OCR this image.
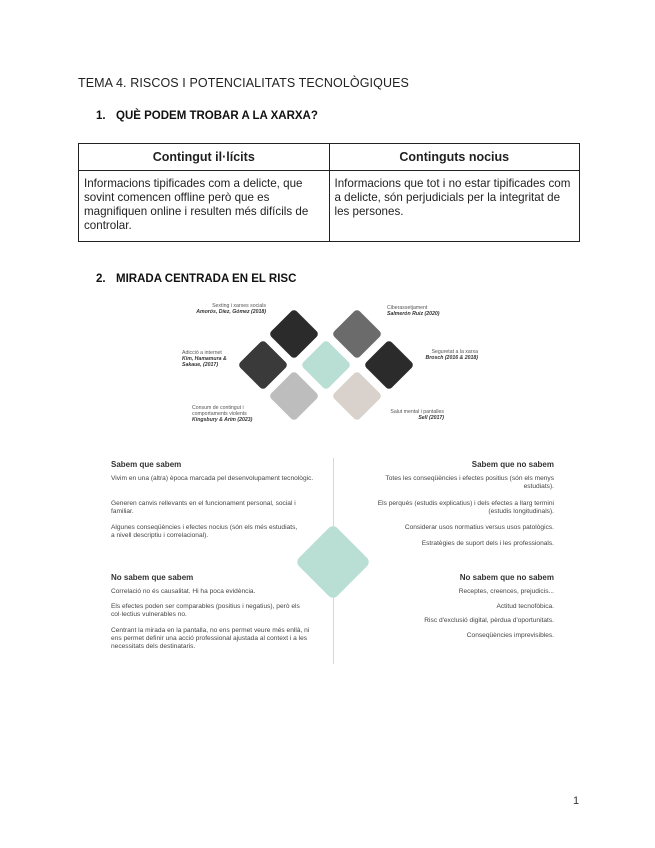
TEMA 4. RISCOS I POTENCIALITATS TECNOLÒGIQUES
1. QUÈ PODEM TROBAR A LA XARXA?
Contingut il·lícits	Continguts nocius
Informacions tipificades com a delicte, que sovint comencen offline però que es magnifiquen online i resulten més difícils de controlar.	Informacions que tot i no estar tipificades com a delicte, són perjudicials per la integritat de les persones.
2. MIRADA CENTRADA EN EL RISC
Sexting i xarxes socials
Amorós, Díez, Gómez (2018)
Ciberassetjament
Salmerón Ruiz (2020)
Adicció a internet
Kim, Hamamura & Sakaue, (2017)
Seguretat a la xarxa
Brosch (2016 & 2018)
Consum de contingut i comportaments violents
Kingsbury & Arim (2023)
Salut mental i pantalles
Sell (2017)
Sabem que sabem
Vivim en una (altra) època marcada pel desenvolupament tecnològic.
Generen canvis rellevants en el funcionament personal, social i familiar.
Algunes conseqüències i efectes nocius (són els més estudiats, a nivell descriptiu i correlacional).
Sabem que no sabem
Totes les conseqüències i efectes positius (són els menys estudiats).
Els perquès (estudis explicatius) i dels efectes a llarg termini (estudis longitudinals).
Considerar usos normatius versus usos patològics.
Estratègies de suport dels i les professionals.
No sabem que sabem
Correlació no és causalitat. Hi ha poca evidència.
Els efectes poden ser comparables (positius i negatius), però els col·lectius vulnerables no.
Centrant la mirada en la pantalla, no ens permet veure més enllà, ni ens permet definir una acció professional ajustada al context i a les necessitats dels destinataris.
No sabem que no sabem
Receptes, creences, prejudicis...
Actitud tecnofòbica.
Risc d'exclusió digital, pèrdua d'oportunitats.
Conseqüències imprevisibles.
1
